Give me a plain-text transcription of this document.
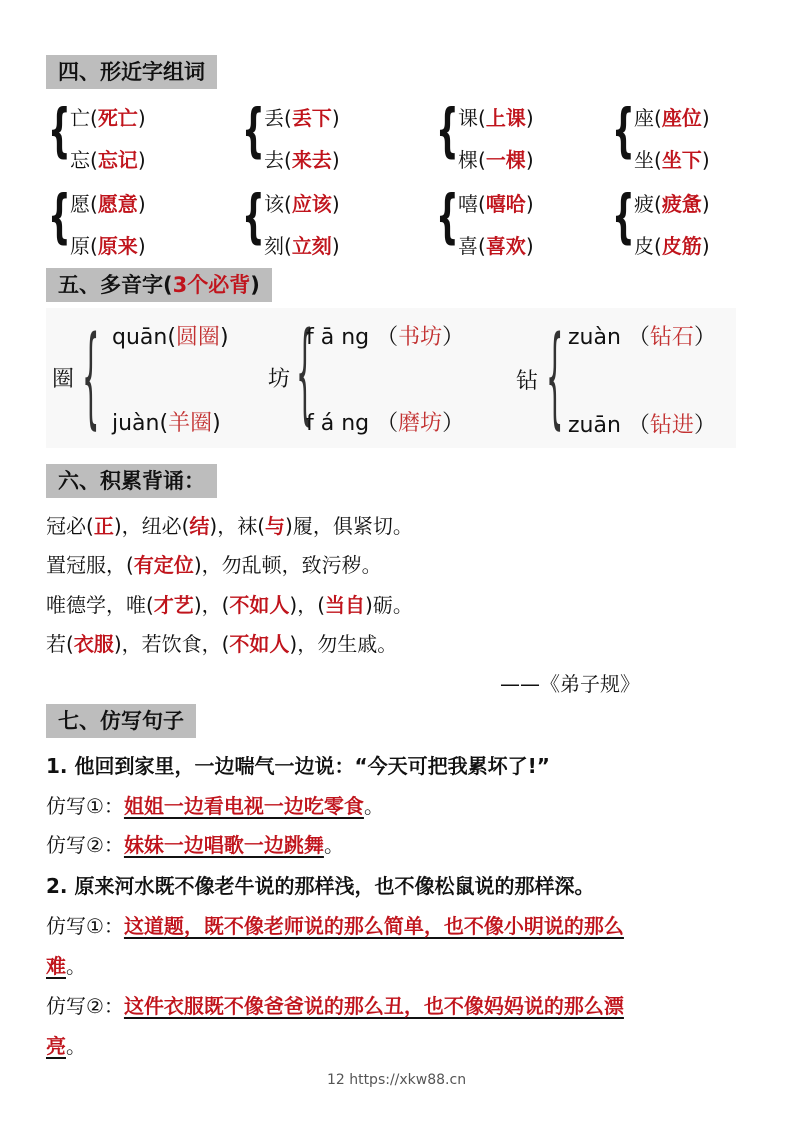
四、形近字组词
{ 亡(死亡)
忘(忘记) { 丢(丢下)
去(来去) { 课(上课)
棵(一棵) { 座(座位)
坐(坐下)
{ 愿(愿意)
原(原来) { 该(应该)
刻(立刻) { 嘻(嘻哈)
喜(喜欢) { 疲(疲惫)
皮(皮筋)
五、多音字(3个必背)
圈 { quān(圆圈)
juàn(羊圈)
坊 {
f ā ng （书坊）
f á ng （磨坊）
钻 { zuàn （钻石）
zuān （钻进）
六、积累背诵：
冠必(正)，纽必(结)，袜(与)履，俱紧切。
置冠服，(有定位)，勿乱顿，致污秽。
唯德学，唯(才艺)，(不如人)，(当自)砺。
若(衣服)，若饮食，(不如人)，勿生戚。
——《弟子规》
七、仿写句子
1. 他回到家里，一边喘气一边说：“今天可把我累坏了!”
仿写①：姐姐一边看电视一边吃零食。
仿写②：妹妹一边唱歌一边跳舞。
2. 原来河水既不像老牛说的那样浅，也不像松鼠说的那样深。
仿写①：这道题，既不像老师说的那么简单，也不像小明说的那么
难。
仿写②：这件衣服既不像爸爸说的那么丑，也不像妈妈说的那么漂
亮。
12 https://xkw88.cn
